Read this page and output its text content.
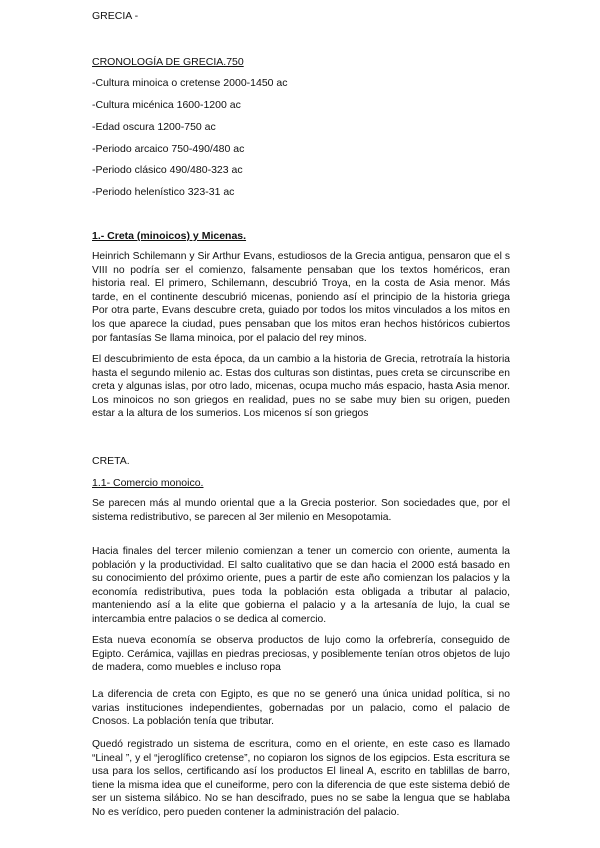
GRECIA -
CRONOLOGÍA DE GRECIA.750
-Cultura minoica o cretense 2000-1450 ac
-Cultura micénica 1600-1200 ac
-Edad oscura 1200-750 ac
-Periodo arcaico 750-490/480 ac
-Periodo clásico 490/480-323 ac
-Periodo helenístico 323-31 ac
1.- Creta (minoicos) y Micenas.

Heinrich Schilemann y Sir Arthur Evans, estudiosos de la Grecia antigua, pensaron que el s VIII no podría ser el comienzo, falsamente pensaban que los textos homéricos, eran historia real. El primero, Schilemann, descubrió Troya, en la costa de Asia menor. Más tarde, en el continente descubrió micenas, poniendo así el principio de la historia griega Por otra parte, Evans descubre creta, guiado por todos los mitos vinculados a los mitos en los que aparece la ciudad, pues pensaban que los mitos eran hechos históricos cubiertos por fantasías Se llama minoica, por el palacio del rey minos.

El descubrimiento de esta época, da un cambio a la historia de Grecia, retrotraía la historia hasta el segundo milenio ac. Estas dos culturas son distintas, pues creta se circunscribe en creta y algunas islas, por otro lado, micenas, ocupa mucho más espacio, hasta Asia menor. Los minoicos no son griegos en realidad, pues no se sabe muy bien su origen, pueden estar a la altura de los sumerios. Los micenos sí son griegos

CRETA.
1.1- Comercio monoico.

Se parecen más al mundo oriental que a la Grecia posterior. Son sociedades que, por el sistema redistributivo, se parecen al 3er milenio en Mesopotamia.

Hacia finales del tercer milenio comienzan a tener un comercio con oriente, aumenta la población y la productividad. El salto cualitativo que se dan hacia el 2000 está basado en su conocimiento del próximo oriente, pues a partir de este año comienzan los palacios y la economía redistributiva, pues toda la población esta obligada a tributar al palacio, manteniendo así a la elite que gobierna el palacio y a la artesanía de lujo, la cual se intercambia entre palacios o se dedica al comercio.

Esta nueva economía se observa productos de lujo como la orfebrería, conseguido de Egipto. Cerámica, vajillas en piedras preciosas, y posiblemente tenían otros objetos de lujo de madera, como muebles e incluso ropa

La diferencia de creta con Egipto, es que no se generó una única unidad política, si no varias instituciones independientes, gobernadas por un palacio, como el palacio de Cnosos. La población tenía que tributar.

Quedó registrado un sistema de escritura, como en el oriente, en este caso es llamado “Lineal ”, y el “jeroglífico cretense”, no copiaron los signos de los egipcios. Esta escritura se usa para los sellos, certificando así los productos El lineal A, escrito en tablillas de barro, tiene la misma idea que el cuneiforme, pero con la diferencia de que este sistema debió de ser un sistema silábico. No se han descifrado, pues no se sabe la lengua que se hablaba No es verídico, pero pueden contener la administración del palacio.
